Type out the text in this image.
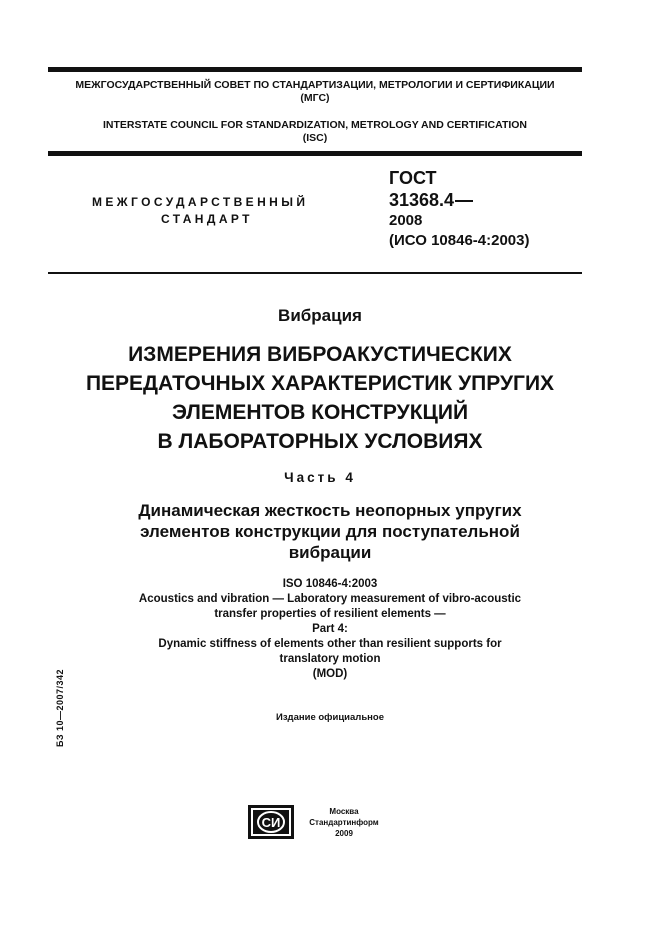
МЕЖГОСУДАРСТВЕННЫЙ СОВЕТ ПО СТАНДАРТИЗАЦИИ, МЕТРОЛОГИИ И СЕРТИФИКАЦИИ
(МГС)
INTERSTATE COUNCIL FOR STANDARDIZATION, METROLOGY AND CERTIFICATION
(ISC)
МЕЖГОСУДАРСТВЕННЫЙ
СТАНДАРТ
ГОСТ
31368.4
2008
(ИСО 10846-4:2003)
Вибрация
ИЗМЕРЕНИЯ ВИБРОАКУСТИЧЕСКИХ
ПЕРЕДАТОЧНЫХ ХАРАКТЕРИСТИК УПРУГИХ
ЭЛЕМЕНТОВ КОНСТРУКЦИЙ
В ЛАБОРАТОРНЫХ УСЛОВИЯХ
Часть 4
Динамическая жесткость неопорных упругих
элементов конструкции для поступательной
вибрации
ISO 10846-4:2003
Acoustics and vibration — Laboratory measurement of vibro-acoustic
transfer properties of resilient elements —
Part 4:
Dynamic stiffness of elements other than resilient supports for
translatory motion
(MOD)
Издание официальное
БЗ 10—2007/342
СИ
Москва
Стандартинформ
2009
